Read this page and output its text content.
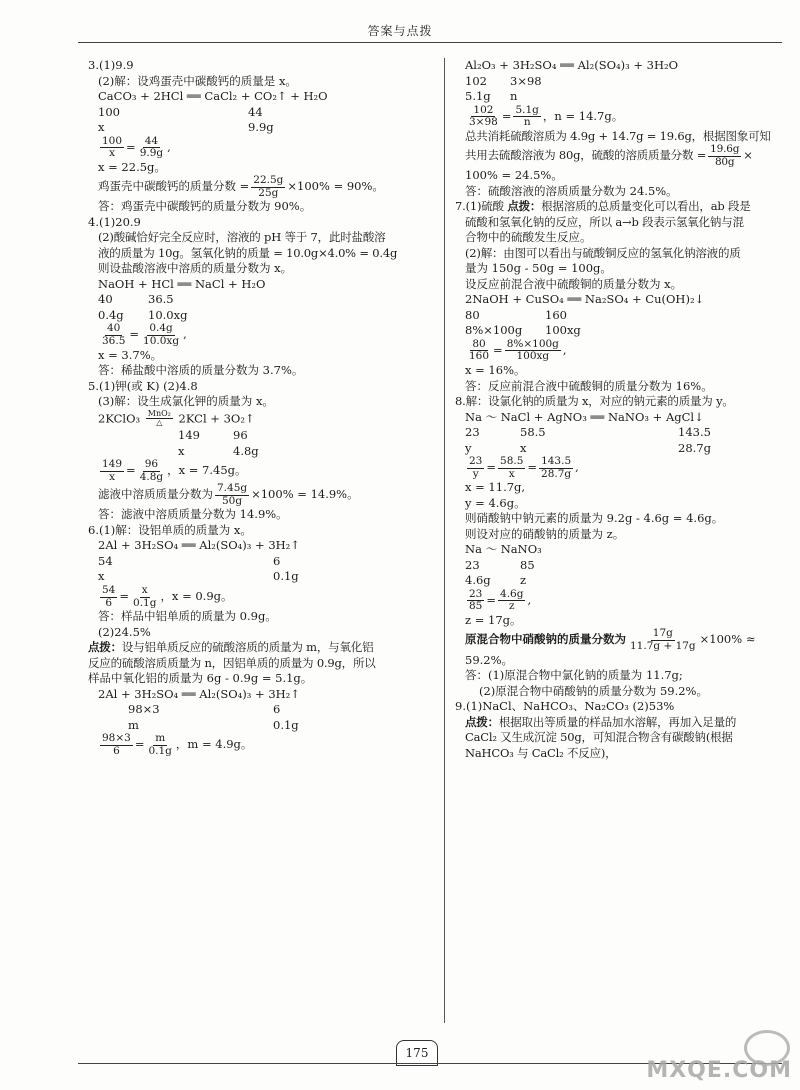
答案与点拨
3.(1)9.9
(2)解：设鸡蛋壳中碳酸钙的质量是 x。
CaCO₃ + 2HCl ══ CaCl₂ + CO₂↑ + H₂O
100	44
x	9.9g
$\frac{100}{x} = \frac{44}{9.9g}$ ,
x = 22.5g。
鸡蛋壳中碳酸钙的质量分数 = $\frac{22.5g}{25g} \times 100\% = 90\%$。
答：鸡蛋壳中碳酸钙的质量分数为 90%。
4.(1)20.9
(2)酸碱恰好完全反应时，溶液的 pH 等于 7，此时盐酸溶
液的质量为 10g。氢氧化钠的质量 = 10.0g×4.0% = 0.4g
则设盐酸溶液中溶质的质量分数为 x。
NaOH + HCl ══ NaCl + H₂O
40	36.5
0.4g 10.0xg
$\frac{40}{36.5} = \frac{0.4g}{10.0xg}$ ,
x = 3.7%。
答：稀盐酸中溶质的质量分数为 3.7%。
5.(1)钾(或 K) (2)4.8
(3)解：设生成氯化钾的质量为 x。
2KClO₃ $\frac{\text{MnO₂}}{\triangle} 2KCl$ + 3O₂↑
149	96
x	4.8g
$\frac{149}{x} = \frac{96}{4.8g}$ ，x = 7.45g。
滤液中溶质质量分数为 $\frac{7.45g}{50g} \times 100\% = 14.9\%$。
答：滤液中溶质质量分数为 14.9%。
6.(1)解：设铝单质的质量为 x。
2Al + 3H₂SO₄ ══ Al₂(SO₄)₃ + 3H₂↑
54	6
x	0.1g
$\frac{54}{6} = \frac{x}{0.1g}$ ，x = 0.9g。
答：样品中铝单质的质量为 0.9g。
(2)24.5%
点拨：设与铝单质反应的硫酸溶质的质量为 m，与氧化铝
反应的硫酸溶质质量为 n，因铝单质的质量为 0.9g，所以
样品中氧化铝的质量为 6g - 0.9g = 5.1g。
2Al + 3H₂SO₄ ══ Al₂(SO₄)₃ + 3H₂↑
98×3	6
m	0.1g
$\frac{98\times 3}{6} = \frac{m}{0.1g}$ ，m = 4.9g。
Al₂O₃ + 3H₂SO₄ ══ Al₂(SO₄)₃ + 3H₂O
102 3×98
5.1g n
$\frac{102}{3\times 98} = \frac{5.1g}{n}$ ，n = 14.7g。
总共消耗硫酸溶质为 4.9g + 14.7g = 19.6g，根据图象可知
共用去硫酸溶液为 80g，硫酸的溶质质量分数 = $\frac{19.6g}{80g}$ ×
100% = 24.5%。
答：硫酸溶液的溶质质量分数为 24.5%。
7.(1)硫酸 点拨：根据溶质的总质量变化可以看出，ab 段是
硫酸和氢氧化钠的反应，所以 a→b 段表示氢氧化钠与混
合物中的硫酸发生反应。
(2)解：由图可以看出与硫酸铜反应的氢氧化钠溶液的质
量为 150g - 50g = 100g。
设反应前混合液中硫酸铜的质量分数为 x。
2NaOH + CuSO₄ ══ Na₂SO₄ + Cu(OH)₂↓
80	160
8%×100g 100xg
$\frac{80}{160} = \frac{8\%\times 100g}{100xg}$ ,
x = 16%。
答：反应前混合液中硫酸铜的质量分数为 16%。
8.解：设氯化钠的质量为 x，对应的钠元素的质量为 y。
Na ～ NaCl + AgNO₃ ══ NaNO₃ + AgCl↓
23	58.5	143.5
y	x	28.7g
$\frac{23}{y} = \frac{58.5}{x} = \frac{143.5}{28.7g}$ ,
x = 11.7g,
y = 4.6g。
则硝酸钠中钠元素的质量为 9.2g - 4.6g = 4.6g。
则设对应的硝酸钠的质量为 z。
Na ～ NaNO₃
23	85
4.6g	z
$\frac{23}{85} = \frac{4.6g}{z}$ ,
z = 17g。
原混合物中硝酸钠的质量分数为 $\frac{17g}{11.7g + 17g} \times 100\%$ ≈
59.2%。
答：(1)原混合物中氯化钠的质量为 11.7g;
(2)原混合物中硝酸钠的质量分数为 59.2%。
9.(1)NaCl、NaHCO₃、Na₂CO₃ (2)53%
点拨：根据取出等质量的样品加水溶解，再加入足量的
CaCl₂ 又生成沉淀 50g，可知混合物含有碳酸钠(根据
NaHCO₃ 与 CaCl₂ 不反应)，
175
MXQE.COM
